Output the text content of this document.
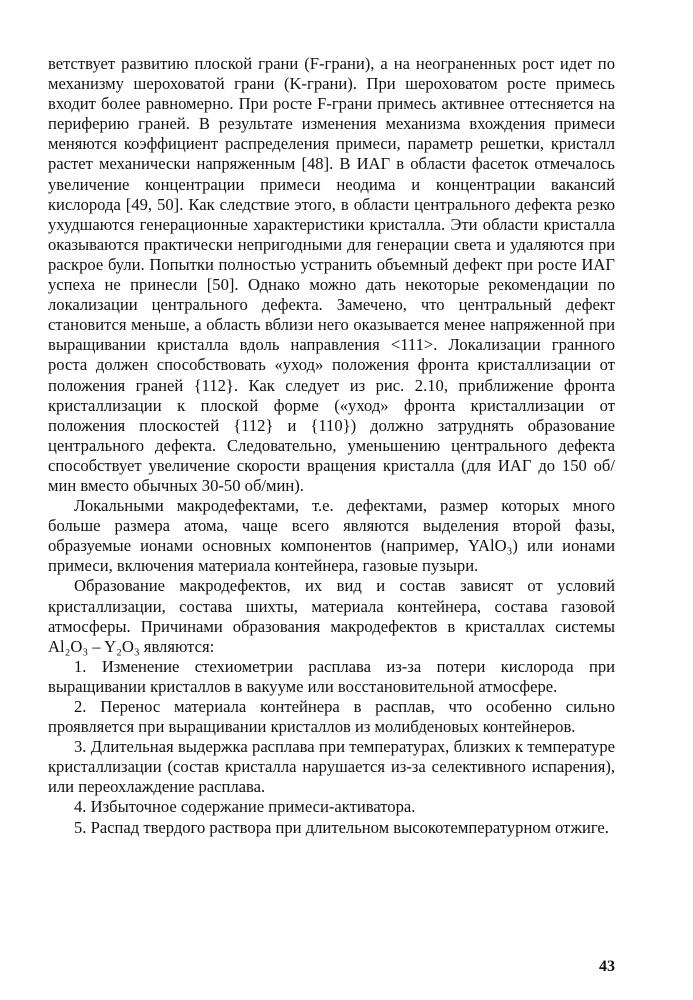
ветствует развитию плоской грани (F-грани), а на неограненных рост идет по механизму шероховатой грани (K-грани). При шероховатом росте примесь входит более равномерно. При росте F-грани примесь активнее оттесняется на периферию граней. В результате изменения механизма вхождения примеси меняются коэффициент распределения примеси, параметр решетки, кристалл растет механически напряженным [48]. В ИАГ в области фасеток отмечалось увеличение концентрации примеси неодима и концентрации вакансий кислорода [49, 50]. Как следствие этого, в области центрального дефекта резко ухудшаются генерационные характеристики кристалла. Эти области кристалла оказываются практически непригодными для генерации света и удаляются при раскрое були. Попытки полностью устранить объемный дефект при росте ИАГ успеха не принесли [50]. Однако можно дать некоторые рекомендации по локализации центрального дефекта. Замечено, что центральный дефект становится меньше, а область вблизи него оказывается менее напряженной при выращивании кристалла вдоль направления <111>. Локализации гранного роста должен способствовать «уход» положения фронта кристаллизации от положения граней {112}. Как следует из рис. 2.10, приближение фронта кристаллизации к плоской форме («уход» фронта кристаллизации от положения плоскостей {112} и {110}) должно затруднять образование центрального дефекта. Следовательно, уменьшению центрального дефекта способствует увеличение скорости вращения кристалла (для ИАГ до 150 об/мин вместо обычных 30-50 об/мин).

Локальными макродефектами, т.е. дефектами, размер которых много больше размера атома, чаще всего являются выделения второй фазы, образуемые ионами основных компонентов (например, YAlO₃) или ионами примеси, включения материала контейнера, газовые пузыри.

Образование макродефектов, их вид и состав зависят от условий кристаллизации, состава шихты, материала контейнера, состава газовой атмосферы. Причинами образования макродефектов в кристаллах системы Al₂O₃ – Y₂O₃ являются:

1. Изменение стехиометрии расплава из-за потери кислорода при выращивании кристаллов в вакууме или восстановительной атмосфере.

2. Перенос материала контейнера в расплав, что особенно сильно проявляется при выращивании кристаллов из молибденовых контейнеров.

3. Длительная выдержка расплава при температурах, близких к температуре кристаллизации (состав кристалла нарушается из-за селективного испарения), или переохлаждение расплава.

4. Избыточное содержание примеси-активатора.

5. Распад твердого раствора при длительном высокотемпературном отжиге.

43
